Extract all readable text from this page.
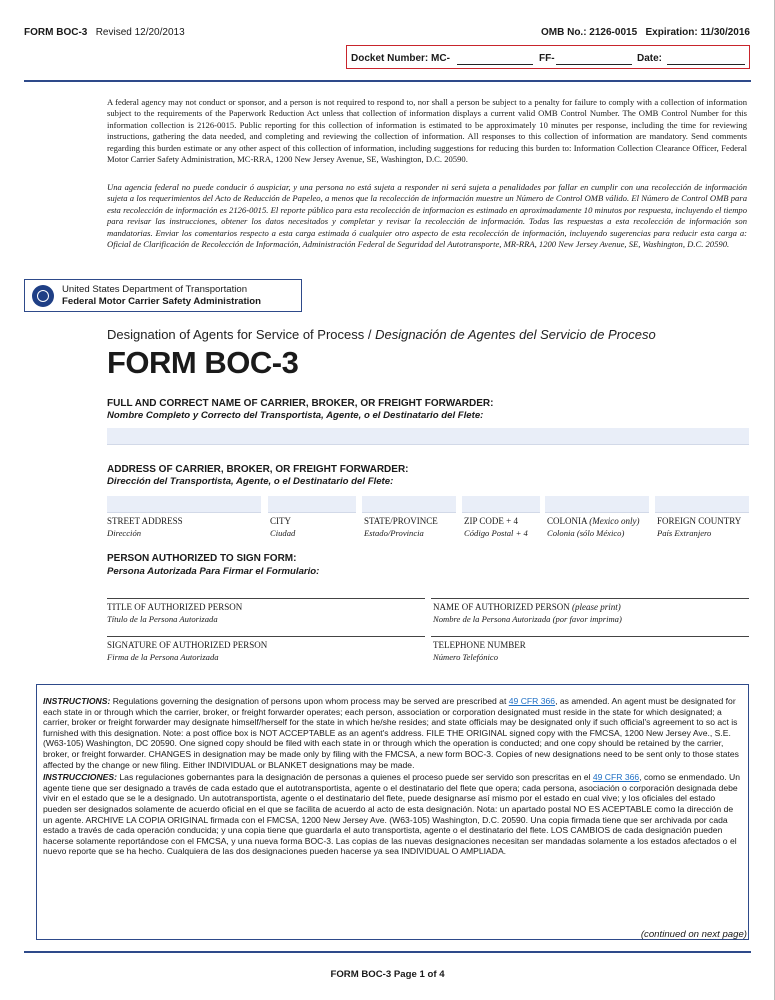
FORM BOC-3 Revised 12/20/2013	OMB No.: 2126-0015 Expiration: 11/30/2016
Docket Number: MC-	FF-	Date:

A federal agency may not conduct or sponsor, and a person is not required to respond to, nor shall a person be subject to a penalty for failure to comply with a collection of information subject to the requirements of the Paperwork Reduction Act unless that collection of information displays a current valid OMB Control Number. The OMB Control Number for this information collection is 2126-0015. Public reporting for this collection of information is estimated to be approximately 10 minutes per response, including the time for reviewing instructions, gathering the data needed, and completing and reviewing the collection of information. All responses to this collection of information are mandatory. Send comments regarding this burden estimate or any other aspect of this collection of information, including suggestions for reducing this burden to: Information Collection Clearance Officer, Federal Motor Carrier Safety Administration, MC-RRA, 1200 New Jersey Avenue, SE, Washington, D.C. 20590.

Una agencia federal no puede conducir ó auspiciar, y una persona no está sujeta a responder ni será sujeta a penalidades por fallar en cumplir con una recolección de información sujeta a los requerimientos del Acto de Reducción de Papeleo, a menos que la recolección de información muestre un Número de Control OMB válido. El Número de Control OMB para esta recolección de información es 2126-0015. El reporte público para esta recolección de informacion es estimado en aproximadamente 10 minutos por respuesta, incluyendo el tiempo para revisar las instrucciones, obtener los datos necesitados y completar y revisar la recolección de información. Todas las respuestas a esta recolección de información son mandatorias. Enviar los comentarios respecto a esta carga estimada ó cualquier otro aspecto de esta recolección de información, incluyendo sugerencias para reducir esta carga a: Oficial de Clarificación de Recolección de Información, Administración Federal de Seguridad del Autotransporte, MR-RRA, 1200 New Jersey Avenue, SE, Washington, D.C. 20590.

United States Department of Transportation
Federal Motor Carrier Safety Administration
Designation of Agents for Service of Process / Designación de Agentes del Servicio de Proceso
FORM BOC-3
FULL AND CORRECT NAME OF CARRIER, BROKER, OR FREIGHT FORWARDER:
Nombre Completo y Correcto del Transportista, Agente, o el Destinatario del Flete:
ADDRESS OF CARRIER, BROKER, OR FREIGHT FORWARDER:
Dirección del Transportista, Agente, o el Destinatario del Flete:
STREET ADDRESS
Dirección
CITY
Ciudad
STATE/PROVINCE
Estado/Provincia
ZIP CODE + 4
Código Postal + 4
COLONIA (Mexico only)
Colonia (sólo México)
FOREIGN COUNTRY
País Extranjero
PERSON AUTHORIZED TO SIGN FORM:
Persona Autorizada Para Firmar el Formulario:
TITLE OF AUTHORIZED PERSON
Título de la Persona Autorizada
NAME OF AUTHORIZED PERSON (please print)
Nombre de la Persona Autorizada (por favor imprima)
SIGNATURE OF AUTHORIZED PERSON
Firma de la Persona Autorizada
TELEPHONE NUMBER
Número Telefónico

INSTRUCTIONS: Regulations governing the designation of persons upon whom process may be served are prescribed at 49 CFR 366, as amended. An agent must be designated for each state in or through which the carrier, broker, or freight forwarder operates; each person, association or corporation designated must reside in the state for which designated; a carrier, broker or freight forwarder may designate himself/herself for the state in which he/she resides; and state officials may be designated only if such official's agreement to so act is furnished with this designation. Note: a post office box is NOT ACCEPTABLE as an agent's address. FILE THE ORIGINAL signed copy with the FMCSA, 1200 New Jersey Ave., S.E. (W63-105) Washington, DC 20590. One signed copy should be filed with each state in or through which the operation is conducted; and one copy should be retained by the carrier, broker, or freight forwarder. CHANGES in designation may be made only by filing with the FMCSA, a new form BOC-3. Copies of new designations need to be sent only to those states affected by the change or new filing. Either INDIVIDUAL or BLANKET designations may be made.

INSTRUCCIONES: Las regulaciones gobernantes para la designación de personas a quienes el proceso puede ser servido son prescritas en el 49 CFR 366, como se enmendado. Un agente tiene que ser designado a través de cada estado que el autotransportista, agente o el destinatario del flete que opera; cada persona, asociación o corporación designada debe vivir en el estado que se le a designado. Un autotransportista, agente o el destinatario del flete, puede designarse así mismo por el estado en cual vive; y los oficiales del estado pueden ser designados solamente de acuerdo oficial en el que se facilita de acuerdo al acto de esta designación. Nota: un apartado postal NO ES ACEPTABLE como la dirección de un agente. ARCHIVE LA COPIA ORIGINAL firmada con el FMCSA, 1200 New Jersey Ave. (W63-105) Washington, D.C. 20590. Una copia firmada tiene que ser archivada por cada estado a través de cada operación conducida; y una copia tiene que guardarla el auto transportista, agente o el destinatario del flete. LOS CAMBIOS de cada designación pueden hacerse solamente reportándose con el FMCSA, y una nueva forma BOC-3. Las copias de las nuevas designaciones necesitan ser mandadas solamente a los estados afectados o el nuevo reporte que se ha hecho. Cualquiera de las dos designaciones pueden hacerse ya sea INDIVIDUAL O AMPLIADA.

(continued on next page)
FORM BOC-3 Page 1 of 4
